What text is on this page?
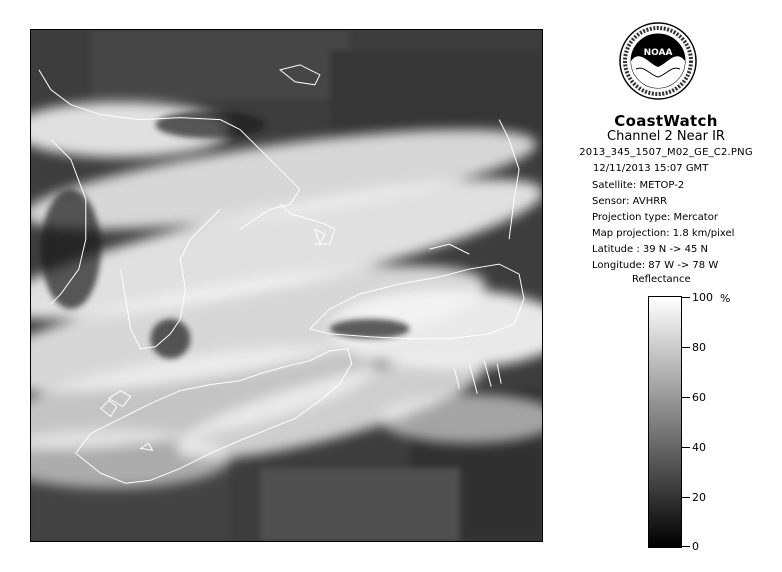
NOAA
CoastWatch
Channel 2 Near IR
2013_345_1507_M02_GE_C2.PNG
12/11/2013 15:07 GMT
Satellite: METOP-2
Sensor: AVHRR
Projection type: Mercator
Map projection: 1.8 km/pixel
Latitude : 39 N -> 45 N
Longitude: 87 W -> 78 W
Reflectance
%
100
80
60
40
20
0
